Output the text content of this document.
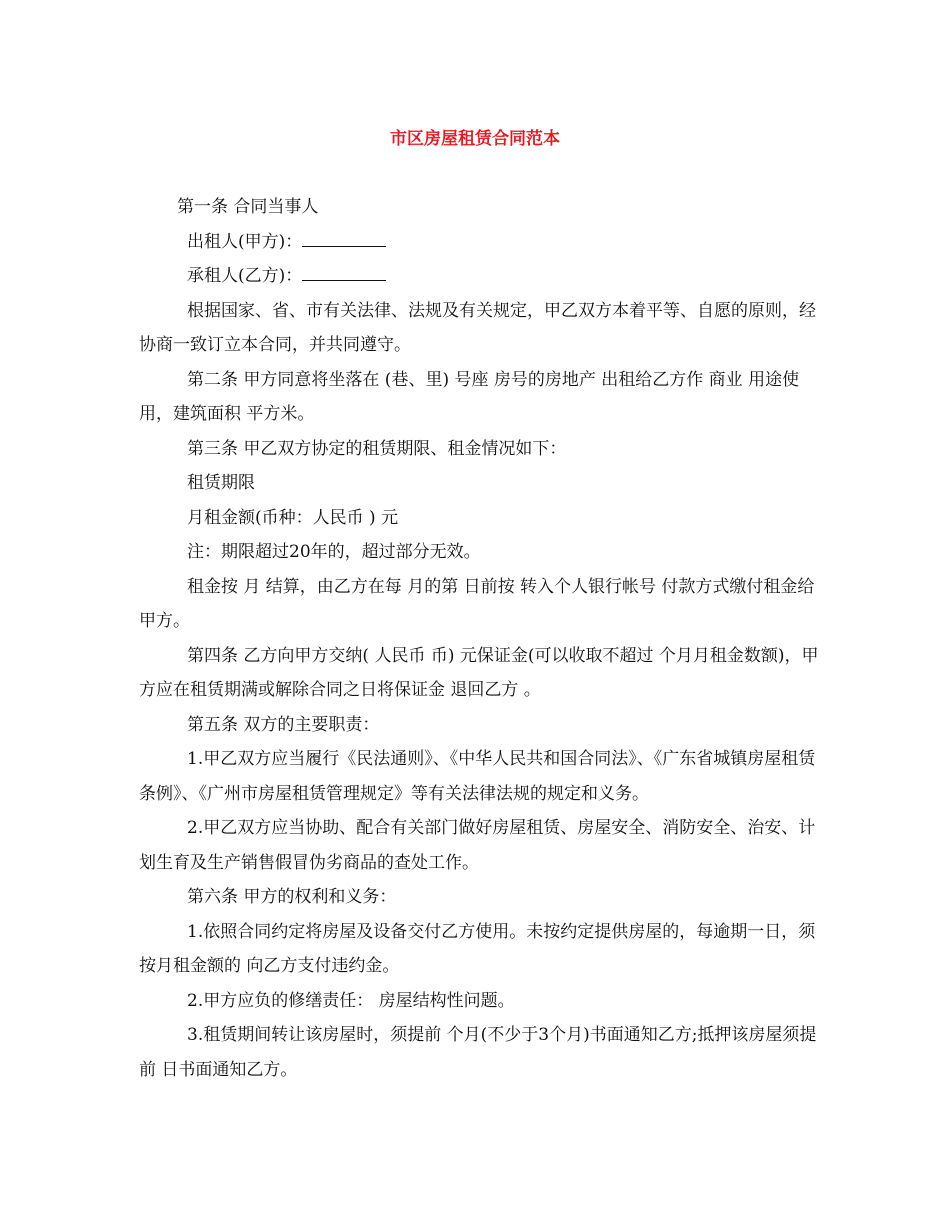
市区房屋租赁合同范本

第一条 合同当事人

出租人(甲方)：

承租人(乙方)：

根据国家、省、市有关法律、法规及有关规定，甲乙双方本着平等、自愿的原则，经协商一致订立本合同，并共同遵守。

第二条 甲方同意将坐落在 (巷、里) 号座 房号的房地产 出租给乙方作 商业 用途使用，建筑面积 平方米。

第三条 甲乙双方协定的租赁期限、租金情况如下：

租赁期限

月租金额(币种：人民币 ) 元

注：期限超过20年的，超过部分无效。

租金按 月 结算，由乙方在每 月的第 日前按 转入个人银行帐号 付款方式缴付租金给甲方。

第四条 乙方向甲方交纳( 人民币 币) 元保证金(可以收取不超过 个月月租金数额)，甲方应在租赁期满或解除合同之日将保证金 退回乙方 。

第五条 双方的主要职责：

1.甲乙双方应当履行《民法通则》、《中华人民共和国合同法》、《广东省城镇房屋租赁条例》、《广州市房屋租赁管理规定》等有关法律法规的规定和义务。

2.甲乙双方应当协助、配合有关部门做好房屋租赁、房屋安全、消防安全、治安、计划生育及生产销售假冒伪劣商品的查处工作。

第六条 甲方的权利和义务：

1.依照合同约定将房屋及设备交付乙方使用。未按约定提供房屋的，每逾期一日，须按月租金额的 向乙方支付违约金。

2.甲方应负的修缮责任： 房屋结构性问题。

3.租赁期间转让该房屋时，须提前 个月(不少于3个月)书面通知乙方;抵押该房屋须提前 日书面通知乙方。
